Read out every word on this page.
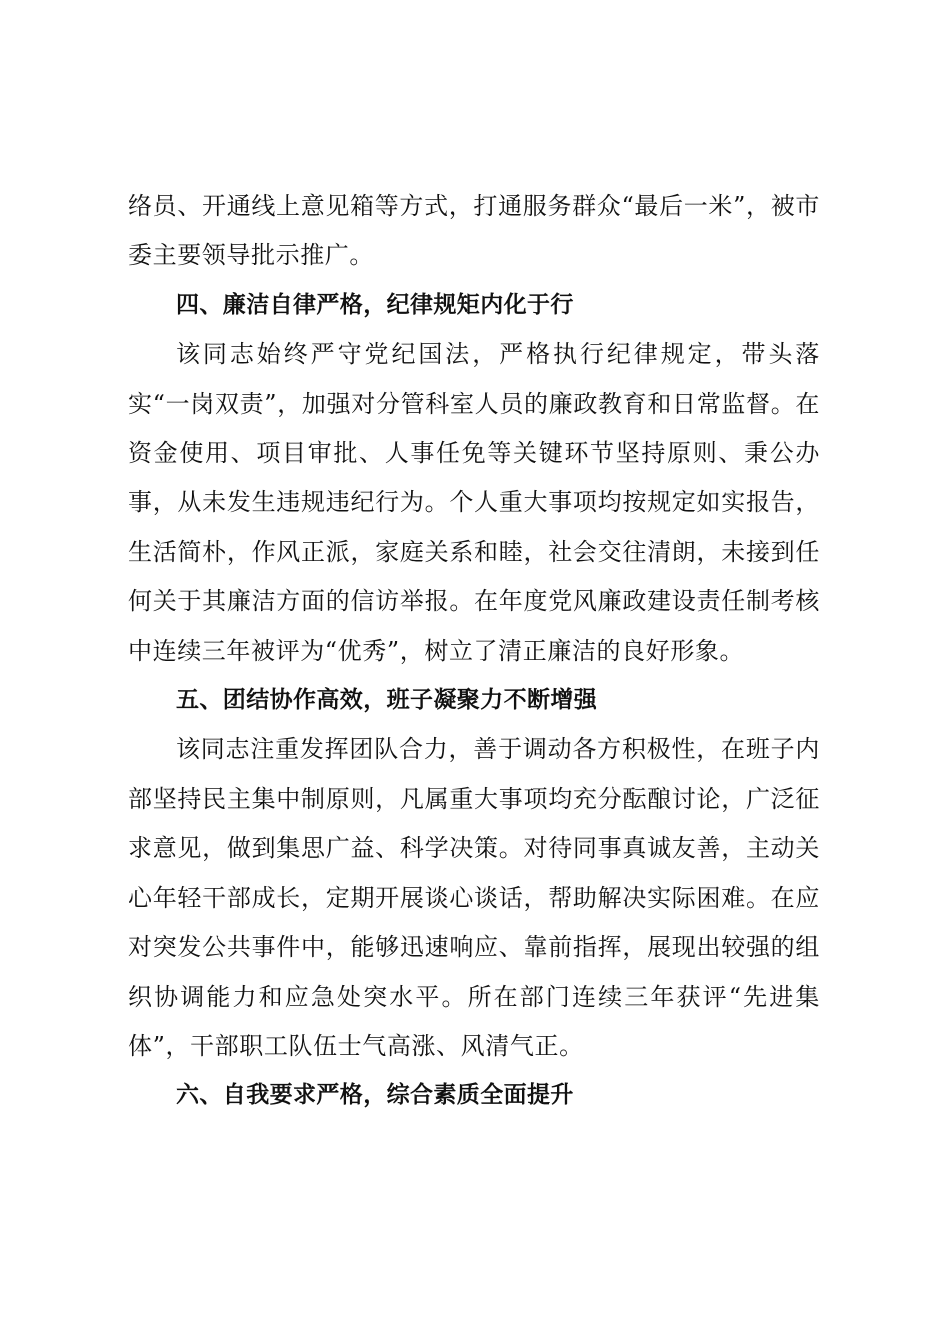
络员、开通线上意见箱等方式，打通服务群众“最后一米”，被市委主要领导批示推广。

四、廉洁自律严格，纪律规矩内化于行

该同志始终严守党纪国法，严格执行纪律规定，带头落实“一岗双责”，加强对分管科室人员的廉政教育和日常监督。在资金使用、项目审批、人事任免等关键环节坚持原则、秉公办事，从未发生违规违纪行为。个人重大事项均按规定如实报告，生活简朴，作风正派，家庭关系和睦，社会交往清朗，未接到任何关于其廉洁方面的信访举报。在年度党风廉政建设责任制考核中连续三年被评为“优秀”，树立了清正廉洁的良好形象。

五、团结协作高效，班子凝聚力不断增强

该同志注重发挥团队合力，善于调动各方积极性，在班子内部坚持民主集中制原则，凡属重大事项均充分酝酿讨论，广泛征求意见，做到集思广益、科学决策。对待同事真诚友善，主动关心年轻干部成长，定期开展谈心谈话，帮助解决实际困难。在应对突发公共事件中，能够迅速响应、靠前指挥，展现出较强的组织协调能力和应急处突水平。所在部门连续三年获评“先进集体”，干部职工队伍士气高涨、风清气正。

六、自我要求严格，综合素质全面提升
